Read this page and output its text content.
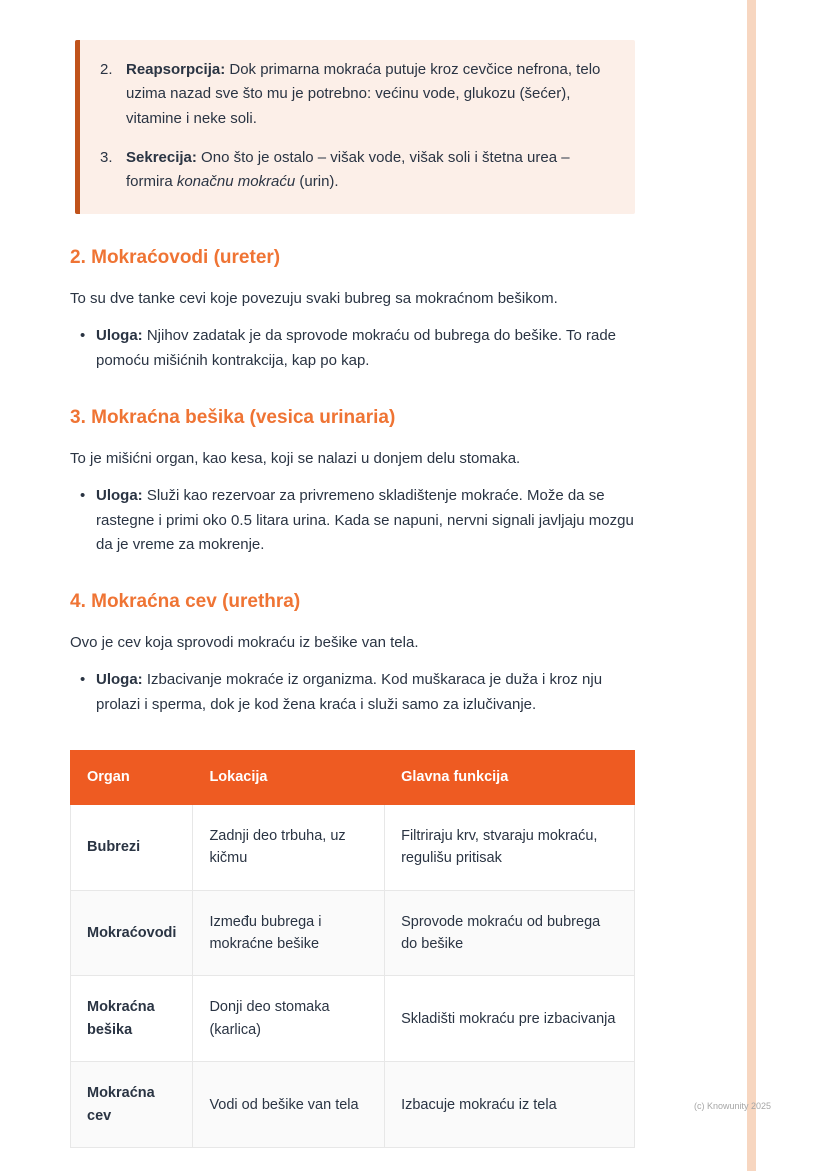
2. Reapsorpcija: Dok primarna mokraća putuje kroz cevčice nefrona, telo uzima nazad sve što mu je potrebno: većinu vode, glukozu (šećer), vitamine i neke soli.
3. Sekrecija: Ono što je ostalo – višak vode, višak soli i štetna urea – formira konačnu mokraću (urin).
2. Mokraćovodi (ureter)

To su dve tanke cevi koje povezuju svaki bubreg sa mokraćnom bešikom.

• Uloga: Njihov zadatak je da sprovode mokraću od bubrega do bešike. To rade pomoću mišićnih kontrakcija, kap po kap.
3. Mokraćna bešika (vesica urinaria)

To je mišićni organ, kao kesa, koji se nalazi u donjem delu stomaka.

• Uloga: Služi kao rezervoar za privremeno skladištenje mokraće. Može da se rastegne i primi oko 0.5 litara urina. Kada se napuni, nervni signali javljaju mozgu da je vreme za mokrenje.
4. Mokraćna cev (urethra)

Ovo je cev koja sprovodi mokraću iz bešike van tela.

• Uloga: Izbacivanje mokraće iz organizma. Kod muškaraca je duža i kroz nju prolazi i sperma, dok je kod žena kraća i služi samo za izlučivanje.
Organ	Lokacija	Glavna funkcija
Bubrezi	Zadnji deo trbuha, uz kičmu	Filtriraju krv, stvaraju mokraću, regulišu pritisak
Mokraćovodi	Između bubrega i mokraćne bešike	Sprovode mokraću od bubrega do bešike
Mokraćna bešika	Donji deo stomaka (karlica)	Skladišti mokraću pre izbacivanja
Mokraćna cev	Vodi od bešike van tela	Izbacuje mokraću iz tela	(c) Knowunity 2025
